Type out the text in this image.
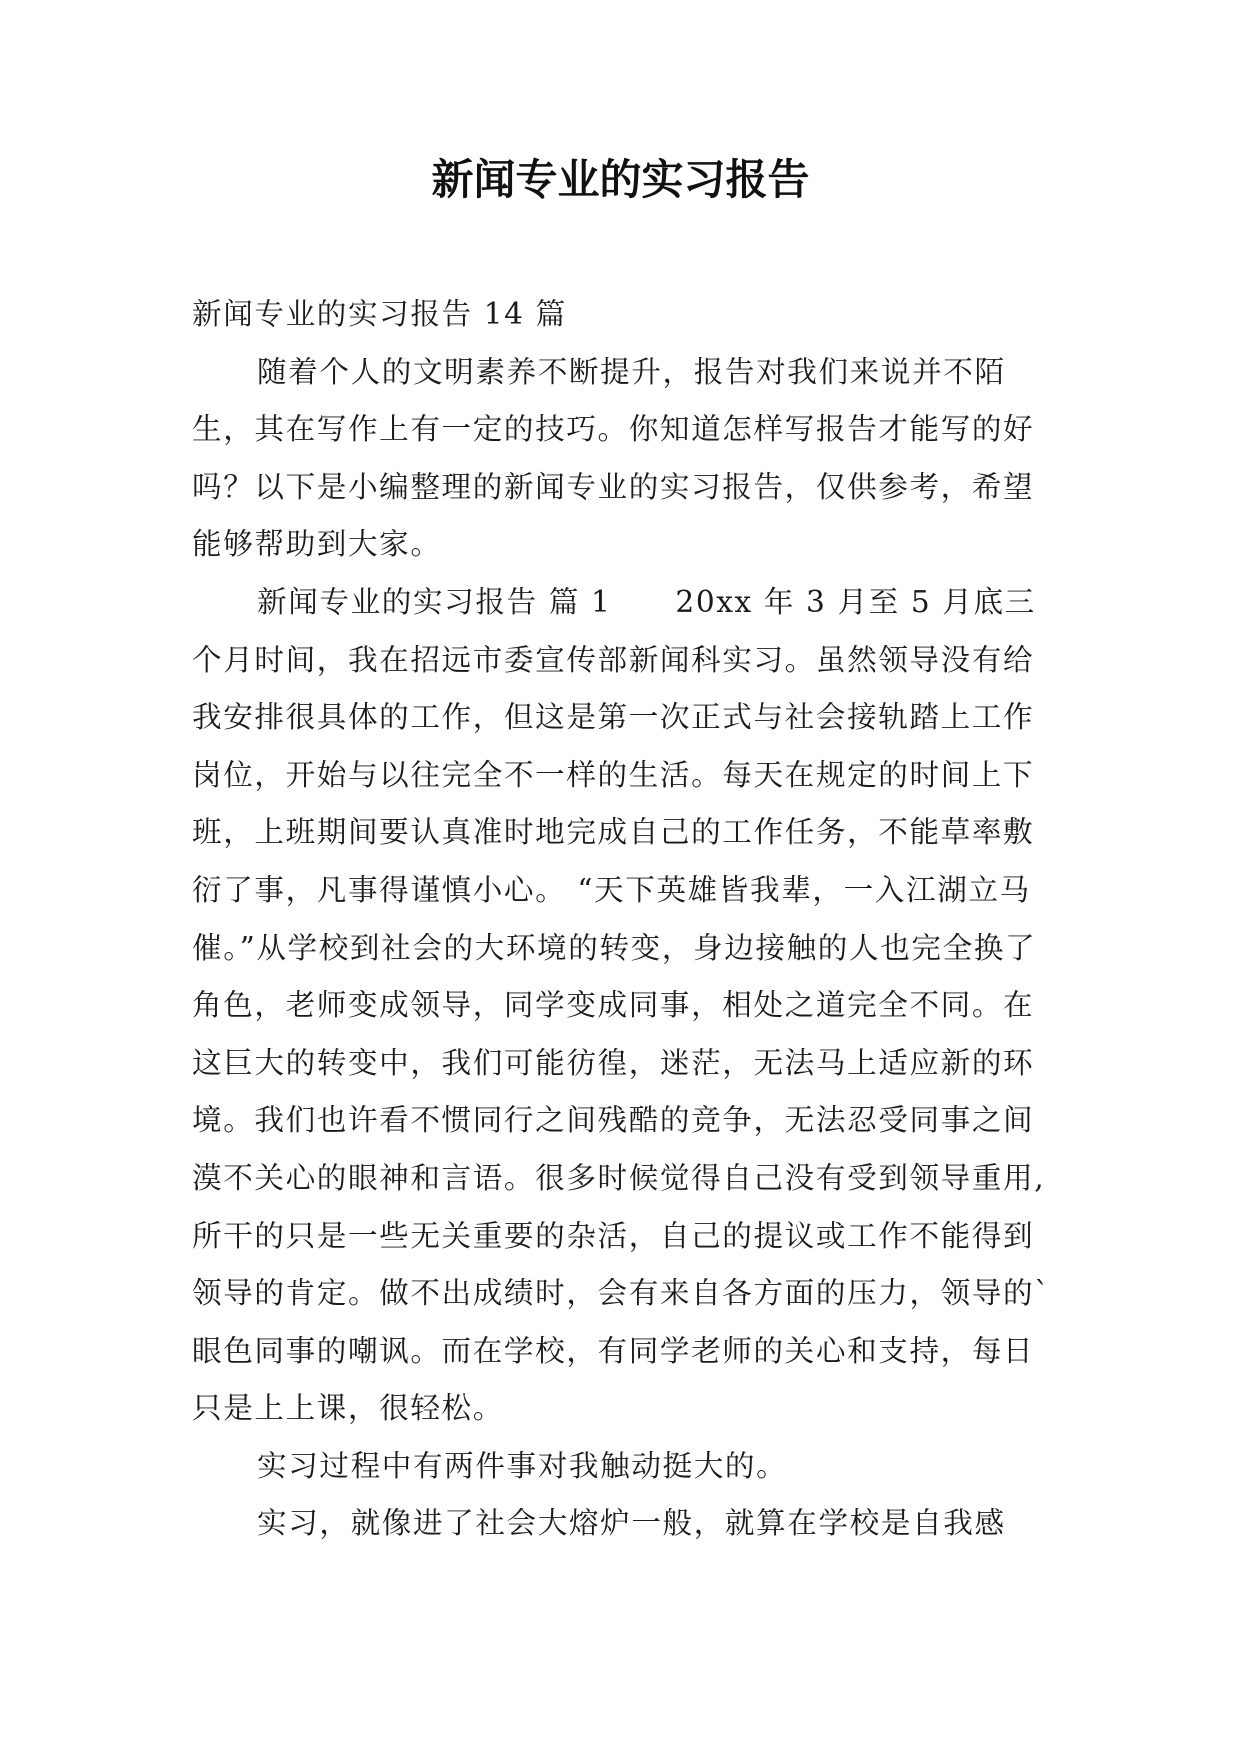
新闻专业的实习报告

新闻专业的实习报告 14 篇

随着个人的文明素养不断提升，报告对我们来说并不陌生，其在写作上有一定的技巧。你知道怎样写报告才能写的好吗？以下是小编整理的新闻专业的实习报告，仅供参考，希望能够帮助到大家。

新闻专业的实习报告 篇 1 20xx 年 3 月至 5 月底三个月时间，我在招远市委宣传部新闻科实习。虽然领导没有给我安排很具体的工作，但这是第一次正式与社会接轨踏上工作岗位，开始与以往完全不一样的生活。每天在规定的时间上下班，上班期间要认真准时地完成自己的工作任务，不能草率敷衍了事，凡事得谨慎小心。 “天下英雄皆我辈，一入江湖立马催。”从学校到社会的大环境的转变，身边接触的人也完全换了角色，老师变成领导，同学变成同事，相处之道完全不同。在这巨大的转变中，我们可能彷徨，迷茫，无法马上适应新的环境。我们也许看不惯同行之间残酷的竞争，无法忍受同事之间漠不关心的眼神和言语。很多时候觉得自己没有受到领导重用,所干的只是一些无关重要的杂活，自己的提议或工作不能得到领导的肯定。做不出成绩时，会有来自各方面的压力，领导的`眼色同事的嘲讽。而在学校，有同学老师的关心和支持，每日只是上上课，很轻松。

实习过程中有两件事对我触动挺大的。

实习，就像进了社会大熔炉一般，就算在学校是自我感
